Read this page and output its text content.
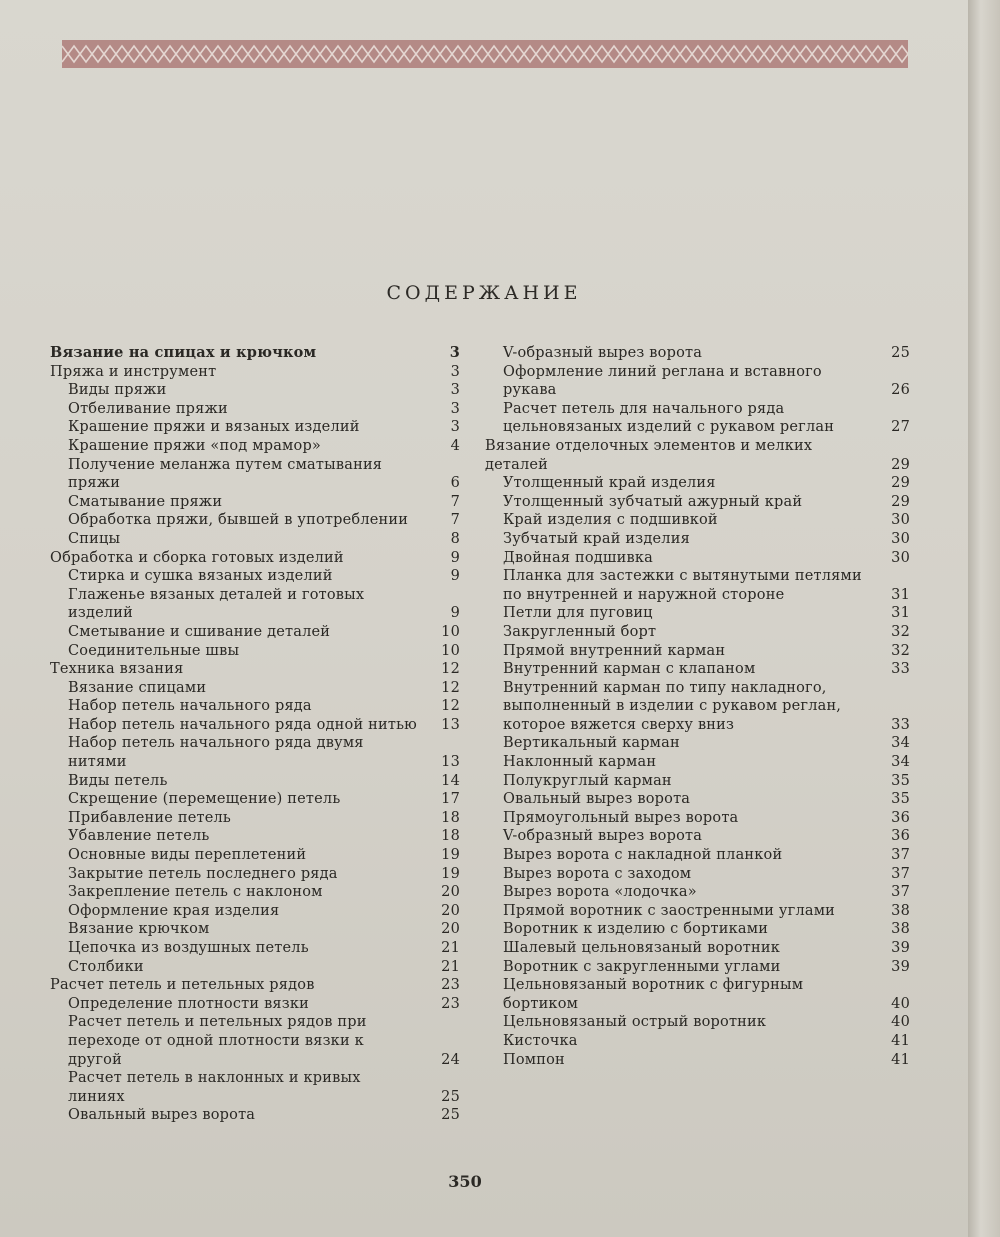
СОДЕРЖАНИЕ
Вязание на спицах и крючком	3
Пряжа и инструмент	3
Виды пряжи	3
Отбеливание пряжи	3
Крашение пряжи и вязаных изделий	3
Крашение пряжи «под мрамор»	4
Получение меланжа путем сматывания пряжи	6
Сматывание пряжи	7
Обработка пряжи, бывшей в употреблении	7
Спицы	8
Обработка и сборка готовых изделий	9
Стирка и сушка вязаных изделий	9
Глаженье вязаных деталей и готовых изделий	9
Сметывание и сшивание деталей	10
Соединительные швы	10
Техника вязания	12
Вязание спицами	12
Набор петель начального ряда	12
Набор петель начального ряда одной нитью	13
Набор петель начального ряда двумя нитями	13
Виды петель	14
Скрещение (перемещение) петель	17
Прибавление петель	18
Убавление петель	18
Основные виды переплетений	19
Закрытие петель последнего ряда	19
Закрепление петель с наклоном	20
Оформление края изделия	20
Вязание крючком	20
Цепочка из воздушных петель	21
Столбики	21
Расчет петель и петельных рядов	23
Определение плотности вязки	23
Расчет петель и петельных рядов при переходе от одной плотности вязки к другой	24
Расчет петель в наклонных и кривых линиях	25
Овальный вырез ворота	25
V-образный вырез ворота	25
Оформление линий реглана и вставного рукава	26
Расчет петель для начального ряда цельновязаных изделий с рукавом реглан	27
Вязание отделочных элементов и мелких деталей	29
Утолщенный край изделия	29
Утолщенный зубчатый ажурный край	29
Край изделия с подшивкой	30
Зубчатый край изделия	30
Двойная подшивка	30
Планка для застежки с вытянутыми петлями по внутренней и наружной стороне	31
Петли для пуговиц	31
Закругленный борт	32
Прямой внутренний карман	32
Внутренний карман с клапаном	33
Внутренний карман по типу накладного, выполненный в изделии с рукавом реглан, которое вяжется сверху вниз	33
Вертикальный карман	34
Наклонный карман	34
Полукруглый карман	35
Овальный вырез ворота	35
Прямоугольный вырез ворота	36
V-образный вырез ворота	36
Вырез ворота с накладной планкой	37
Вырез ворота с заходом	37
Вырез ворота «лодочка»	37
Прямой воротник с заостренными углами	38
Воротник к изделию с бортиками	38
Шалевый цельновязаный воротник	39
Воротник с закругленными углами	39
Цельновязаный воротник с фигурным бортиком	40
Цельновязаный острый воротник	40
Кисточка	41
Помпон	41
350
